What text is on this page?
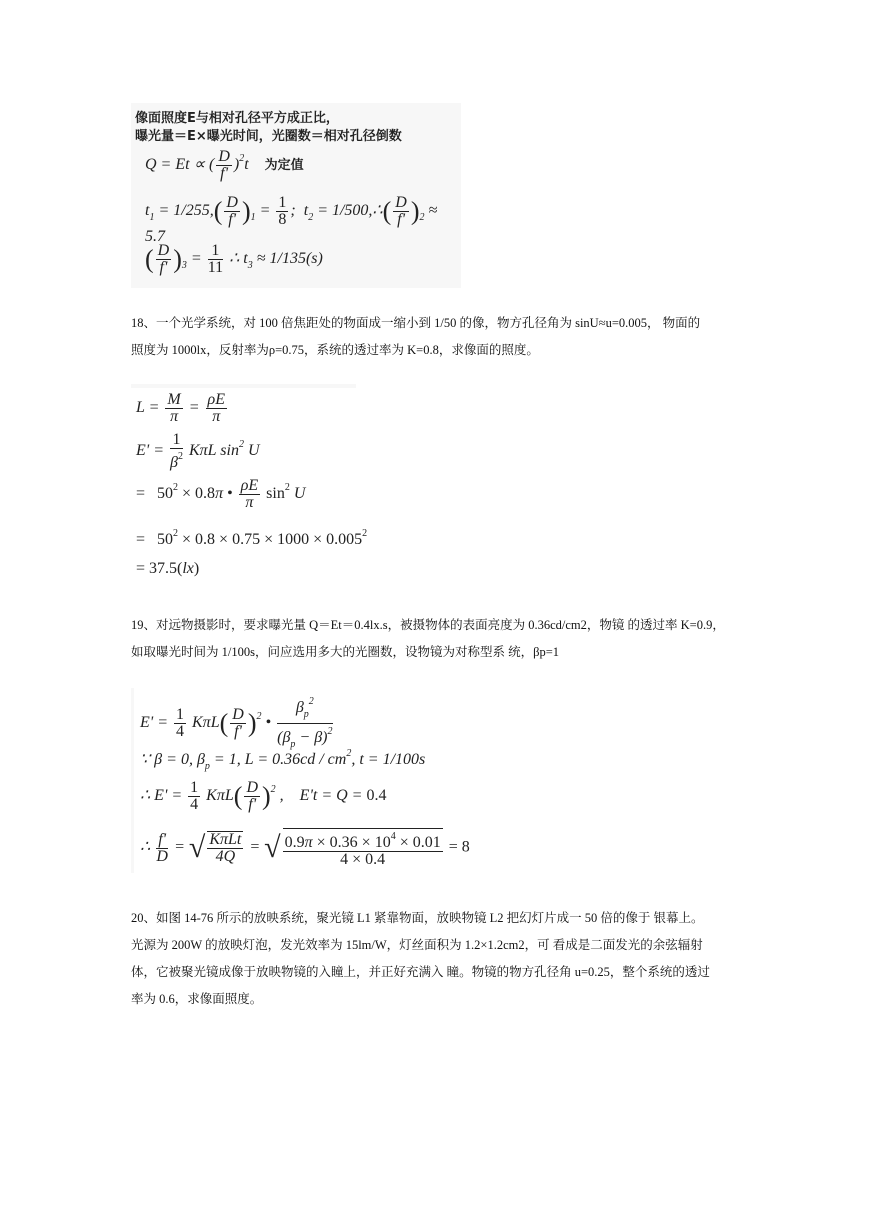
像面照度E与相对孔径平方成正比，
曝光量＝E×曝光时间，光圈数＝相对孔径倒数
Q = Et ∝ ( $\frac{D}{f'} )^2t$ 为定值
$t_1 = 1/255,( \frac{D}{f'} )_1 = \frac{1}{8}$ ;  $t_2$ = 1/500,∴( $\frac{D}{f'} )_2 \approx 5.7$
( $\frac{D}{f'} )_3 = \frac{1}{11}$ ∴ $t_3 \approx 1/135(s)$
18、一个光学系统，对 100 倍焦距处的物面成一缩小到 1/50 的像，物方孔径角为 sinU≈u=0.005， 物面的
照度为 1000lx，反射率为ρ=0.75，系统的透过率为 K=0.8，求像面的照度。
$L = \frac{M}{\pi} = \frac{\rho E}{\pi}$
$E' = \frac{1}{\beta^2}$ KπL $\sin^2 U$
=   $50^2 \times 0.8\pi$ • $\frac{\rho E}{\pi} \sin^2 U$
=   $50^2 \times 0.8 \times 0.75 \times 1000 \times 0.005^2$
= 37.5(lx)
19、对远物摄影时，要求曝光量 Q＝Et＝0.4lx.s，被摄物体的表面亮度为 0.36cd/cm2，物镜 的透过率 K=0.9，
如取曝光时间为 1/100s，问应选用多大的光圈数，设物镜为对称型系 统，βp=1
$E' = \frac{1}{4} K\pi L( \frac{D}{f'} )^2$ • $\frac{\beta_p^2}{(\beta_p - \beta)^2}$
∵ β = 0, $\beta_p = 1$, $L = 0.36cd / cm^2$, t = 1/100s
∴ $E' = \frac{1}{4} K\pi L( \frac{D}{f'} )^2$ ,    E't = Q = 0.4
∴ $\frac{f'}{D}$ = √ $\frac{\text{KπLt}}{4Q}$ = √ $\frac{0.9\pi \times 0.36 \times 10^4 \times 0.01}{4 \times 0.4} = 8$
20、如图 14-76 所示的放映系统，聚光镜 L1 紧靠物面，放映物镜 L2 把幻灯片成一 50 倍的像于 银幕上。
光源为 200W 的放映灯泡，发光效率为 15lm/W，灯丝面积为 1.2×1.2cm2，可 看成是二面发光的余弦辐射
体，它被聚光镜成像于放映物镜的入瞳上，并正好充满入 瞳。物镜的物方孔径角 u=0.25，整个系统的透过
率为 0.6，求像面照度。
